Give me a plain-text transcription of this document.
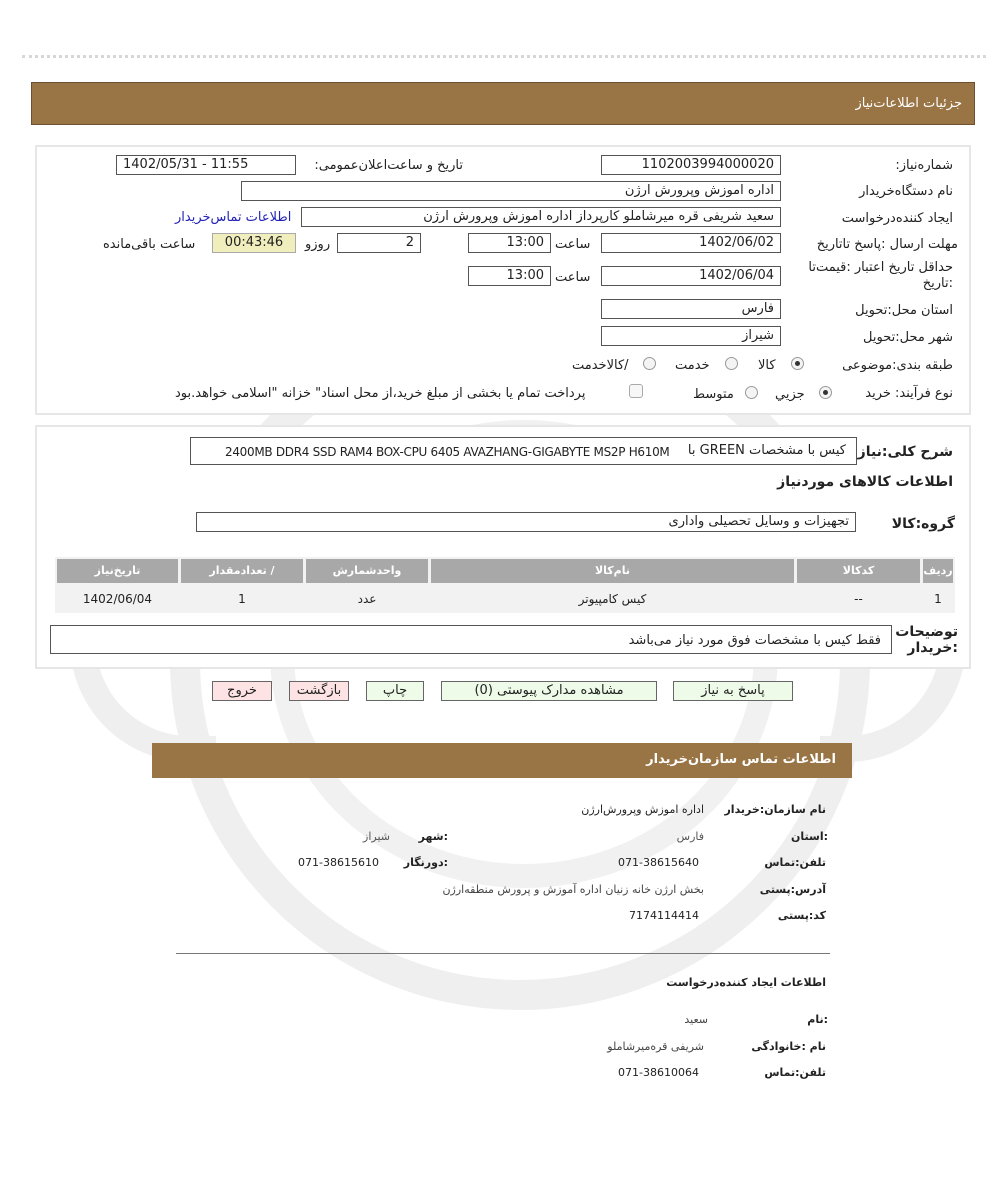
جزئیات اطلاعات‌نیاز
شماره‌نیاز:
1102003994000020
تاریخ و ساعت‌اعلان‌عمومی:
1402/05/31 - 11:55
نام دستگاه‌خریدار
اداره اموزش وپرورش ارژن
ایجاد کننده‌درخواست
سعید شریفی قره میرشاملو کارپرداز اداره اموزش وپرورش ارژن
اطلاعات تماس‌خریدار
مهلت ارسال :پاسخ تا‌تاریخ
1402/06/02
ساعت
13:00
2
روزو
00:43:46
ساعت باقی‌مانده
حداقل تاریخ اعتبار :قیمت‌تا :تاریخ
1402/06/04
ساعت
13:00
استان محل:تحویل
فارس
شهر محل:تحویل
شیراز
طبقه بندی:موضوعی
کالا
خدمت
/کالاخدمت
نوع فرآیند: خرید
جزیي
متوسط
پرداخت تمام یا بخشی از مبلغ خرید،از محل اسناد" خزانه "اسلامی خواهد.بود
شرح کلی:نیاز
کیس با مشخصات GREEN با
2400MB DDR4 SSD RAM4 BOX-CPU 6405 AVAZHANG-GIGABYTE MS2P H610M
اطلاعات کالاهای موردنیاز
گروه:کالا
تجهیزات و وسایل تحصیلی واداری
ردیف
کدکالا
نام‌کالا
واحدشمارش
/ تعدادمقدار
تاریخ‌نیاز
1
--
کیس کامپیوتر
عدد
1
1402/06/04
توضیحات :خریدار
فقط کیس با مشخصات فوق مورد نیاز می‌باشد
پاسخ به نیاز
مشاهده مدارک پیوستی (0)
چاپ
بازگشت
خروج
اطلاعات تماس سازمان‌خریدار
نام سازمان:خریدار
اداره اموزش وپرورش‌ارژن
:استان
فارس
:شهر
شیراز
تلفن:تماس
071-38615640
:دورنگار
071-38615610
آدرس:پستی
بخش ارژن خانه زنیان اداره آموزش و پرورش منطقه‌ارژن
کد:پستی
7174114414
اطلاعات ایجاد کننده‌درخواست
:نام
سعید
نام :خانوادگی
شریفی قره‌میرشاملو
تلفن:تماس
071-38610064
